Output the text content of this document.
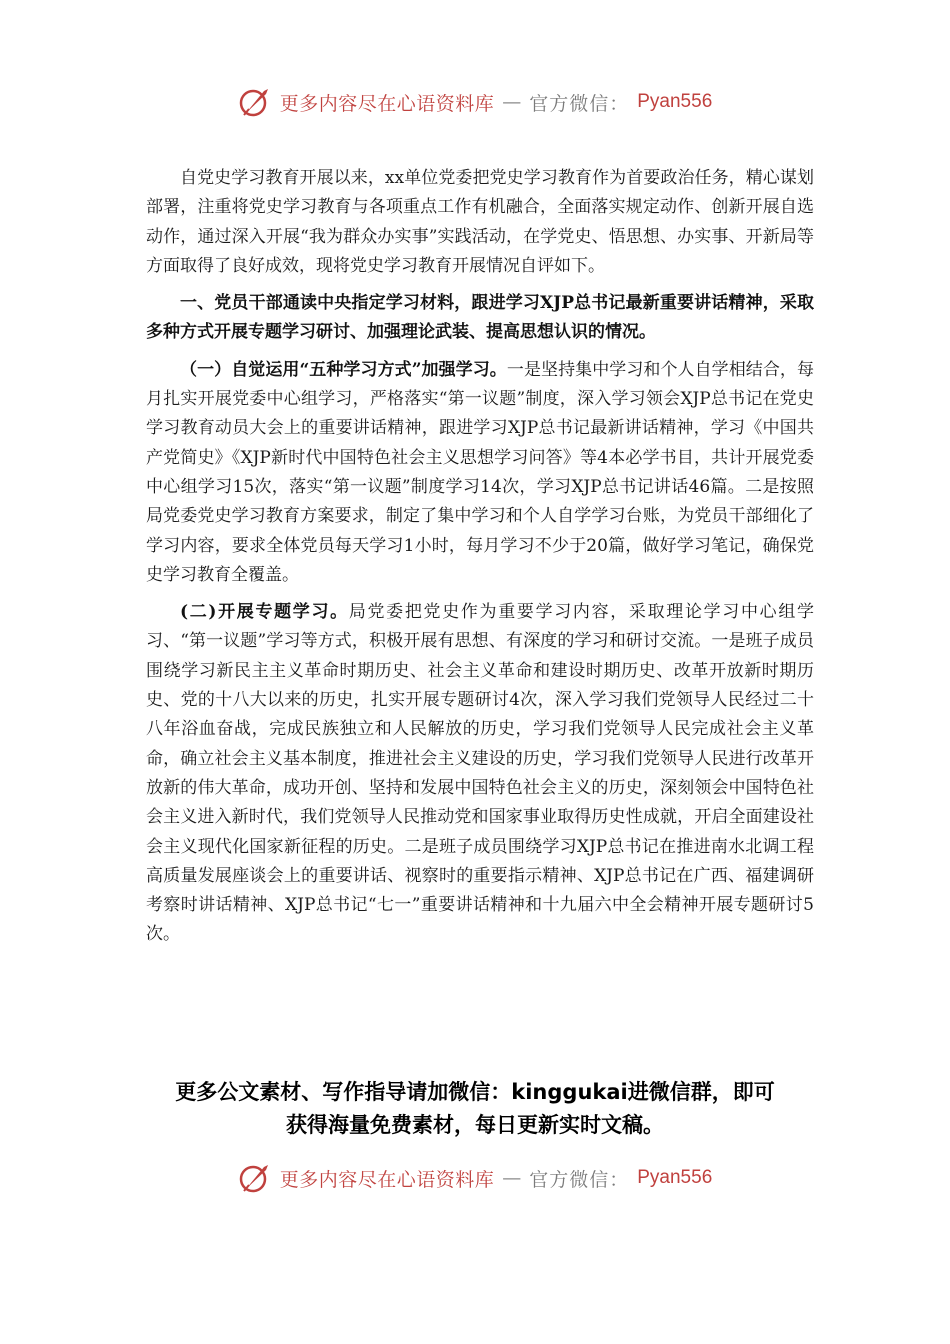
更多内容尽在心语资料库 — 官方微信： Pyan556

自党史学习教育开展以来，xx单位党委把党史学习教育作为首要政治任务，精心谋划部署，注重将党史学习教育与各项重点工作有机融合，全面落实规定动作、创新开展自选动作，通过深入开展“我为群众办实事”实践活动，在学党史、悟思想、办实事、开新局等方面取得了良好成效，现将党史学习教育开展情况自评如下。

一、党员干部通读中央指定学习材料，跟进学习XJP总书记最新重要讲话精神，采取多种方式开展专题学习研讨、加强理论武装、提高思想认识的情况。

（一）自觉运用“五种学习方式”加强学习。一是坚持集中学习和个人自学相结合，每月扎实开展党委中心组学习，严格落实“第一议题”制度，深入学习领会XJP总书记在党史学习教育动员大会上的重要讲话精神，跟进学习XJP总书记最新讲话精神，学习《中国共产党简史》《XJP新时代中国特色社会主义思想学习问答》等4本必学书目，共计开展党委中心组学习15次，落实“第一议题”制度学习14次，学习XJP总书记讲话46篇。二是按照局党委党史学习教育方案要求，制定了集中学习和个人自学学习台账，为党员干部细化了学习内容，要求全体党员每天学习1小时，每月学习不少于20篇，做好学习笔记，确保党史学习教育全覆盖。

(二)开展专题学习。局党委把党史作为重要学习内容，采取理论学习中心组学习、“第一议题”学习等方式，积极开展有思想、有深度的学习和研讨交流。一是班子成员围绕学习新民主主义革命时期历史、社会主义革命和建设时期历史、改革开放新时期历史、党的十八大以来的历史，扎实开展专题研讨4次，深入学习我们党领导人民经过二十八年浴血奋战，完成民族独立和人民解放的历史，学习我们党领导人民完成社会主义革命，确立社会主义基本制度，推进社会主义建设的历史，学习我们党领导人民进行改革开放新的伟大革命，成功开创、坚持和发展中国特色社会主义的历史，深刻领会中国特色社会主义进入新时代，我们党领导人民推动党和国家事业取得历史性成就，开启全面建设社会主义现代化国家新征程的历史。二是班子成员围绕学习XJP总书记在推进南水北调工程高质量发展座谈会上的重要讲话、视察时的重要指示精神、XJP总书记在广西、福建调研考察时讲话精神、XJP总书记“七一”重要讲话精神和十九届六中全会精神开展专题研讨5次。

更多公文素材、写作指导请加微信：kinggukai进微信群，即可
获得海量免费素材，每日更新实时文稿。
更多内容尽在心语资料库 — 官方微信： Pyan556
